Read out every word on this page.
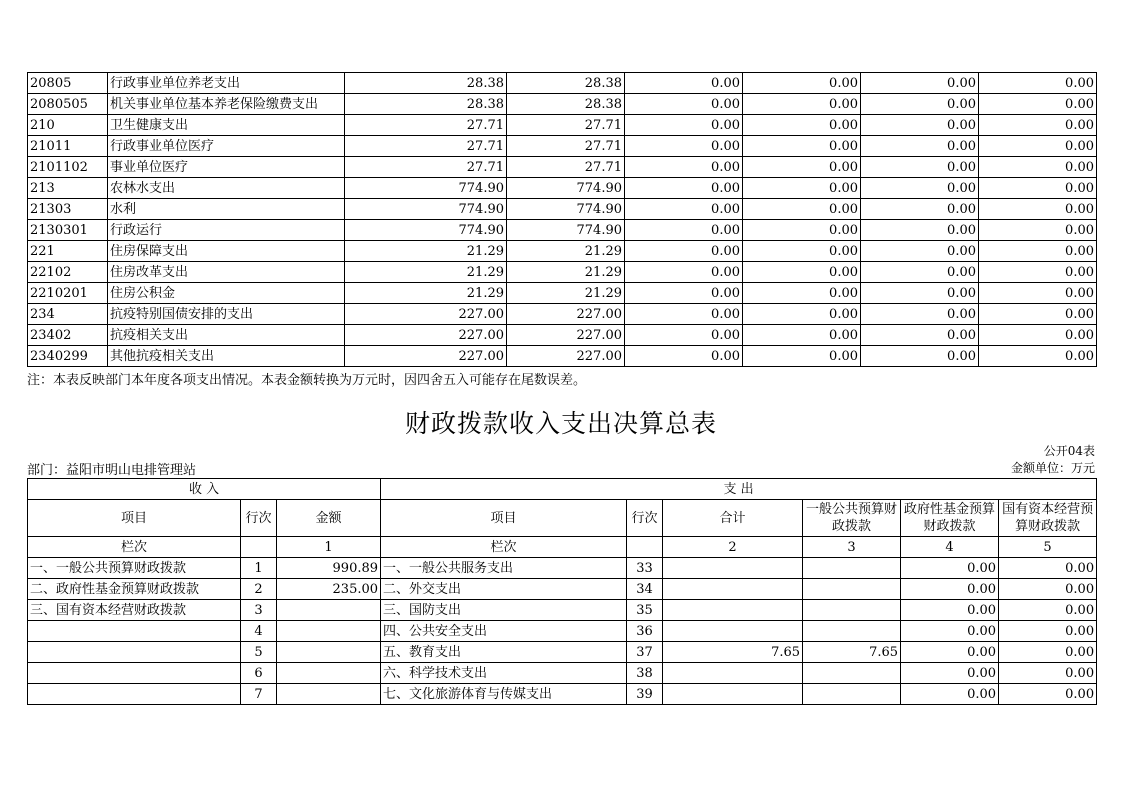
20805	行政事业单位养老支出	28.38	28.38	0.00	0.00	0.00	0.00
2080505	机关事业单位基本养老保险缴费支出	28.38	28.38	0.00	0.00	0.00	0.00
210	卫生健康支出	27.71	27.71	0.00	0.00	0.00	0.00
21011	行政事业单位医疗	27.71	27.71	0.00	0.00	0.00	0.00
2101102	事业单位医疗	27.71	27.71	0.00	0.00	0.00	0.00
213	农林水支出	774.90	774.90	0.00	0.00	0.00	0.00
21303	水利	774.90	774.90	0.00	0.00	0.00	0.00
2130301	行政运行	774.90	774.90	0.00	0.00	0.00	0.00
221	住房保障支出	21.29	21.29	0.00	0.00	0.00	0.00
22102	住房改革支出	21.29	21.29	0.00	0.00	0.00	0.00
2210201	住房公积金	21.29	21.29	0.00	0.00	0.00	0.00
234	抗疫特别国债安排的支出	227.00	227.00	0.00	0.00	0.00	0.00
23402	抗疫相关支出	227.00	227.00	0.00	0.00	0.00	0.00
2340299	其他抗疫相关支出	227.00	227.00	0.00	0.00	0.00	0.00
注：本表反映部门本年度各项支出情况。本表金额转换为万元时，因四舍五入可能存在尾数误差。
财政拨款收入支出决算总表
公开04表
部门：益阳市明山电排管理站	金额单位：万元
收 入			支 出					
项目	行次	金额	项目	行次	合计	一般公共预算财政拨款	政府性基金预算财政拨款	国有资本经营预算财政拨款
栏次		1	栏次		2	3	4	5
一、一般公共预算财政拨款	1	990.89	一、一般公共服务支出	33			0.00	0.00
二、政府性基金预算财政拨款	2	235.00	二、外交支出	34			0.00	0.00
三、国有资本经营财政拨款	3		三、国防支出	35			0.00	0.00
	4		四、公共安全支出	36			0.00	0.00
	5		五、教育支出	37	7.65	7.65	0.00	0.00
	6		六、科学技术支出	38			0.00	0.00
	7		七、文化旅游体育与传媒支出	39			0.00	0.00
